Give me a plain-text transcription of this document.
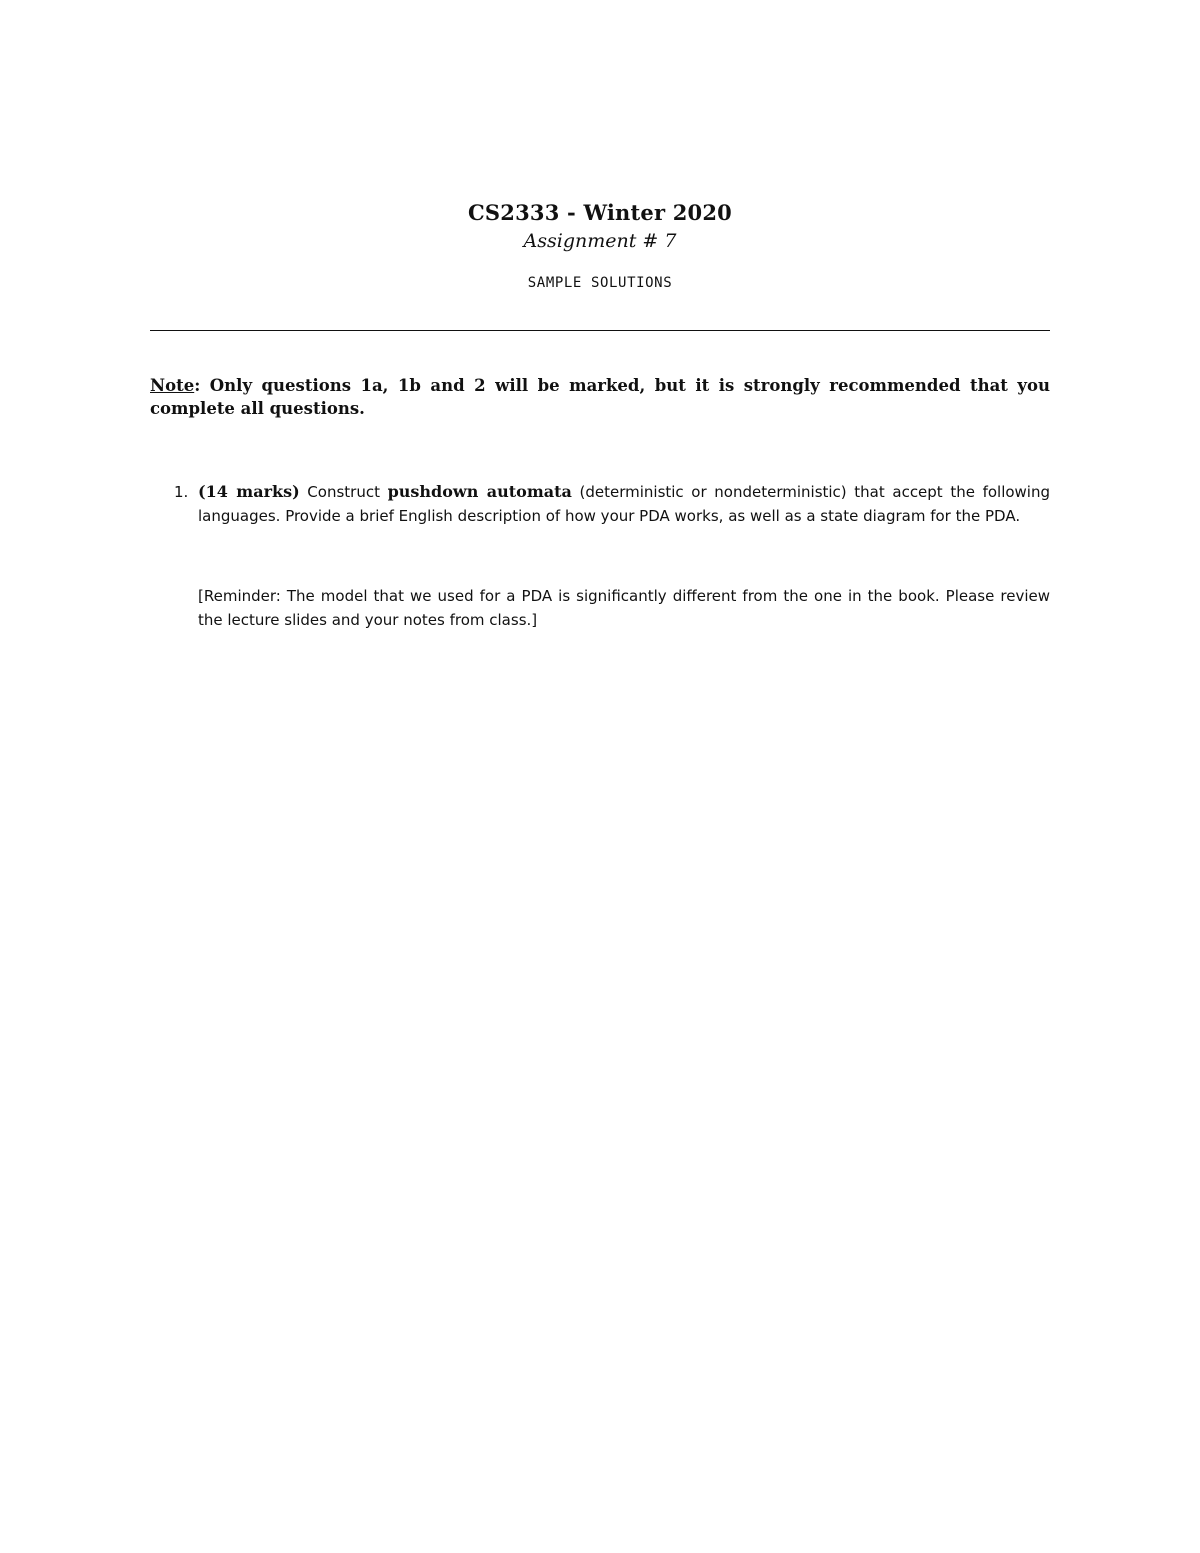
CS2333 - Winter 2020
Assignment # 7
SAMPLE SOLUTIONS
Note: Only questions 1a, 1b and 2 will be marked, but it is strongly recommended that you complete all questions.
1. (14 marks) Construct pushdown automata (deterministic or nondeterministic) that accept the following languages. Provide a brief English description of how your PDA works, as well as a state diagram for the PDA.
[Reminder: The model that we used for a PDA is significantly different from the one in the book. Please review the lecture slides and your notes from class.]
